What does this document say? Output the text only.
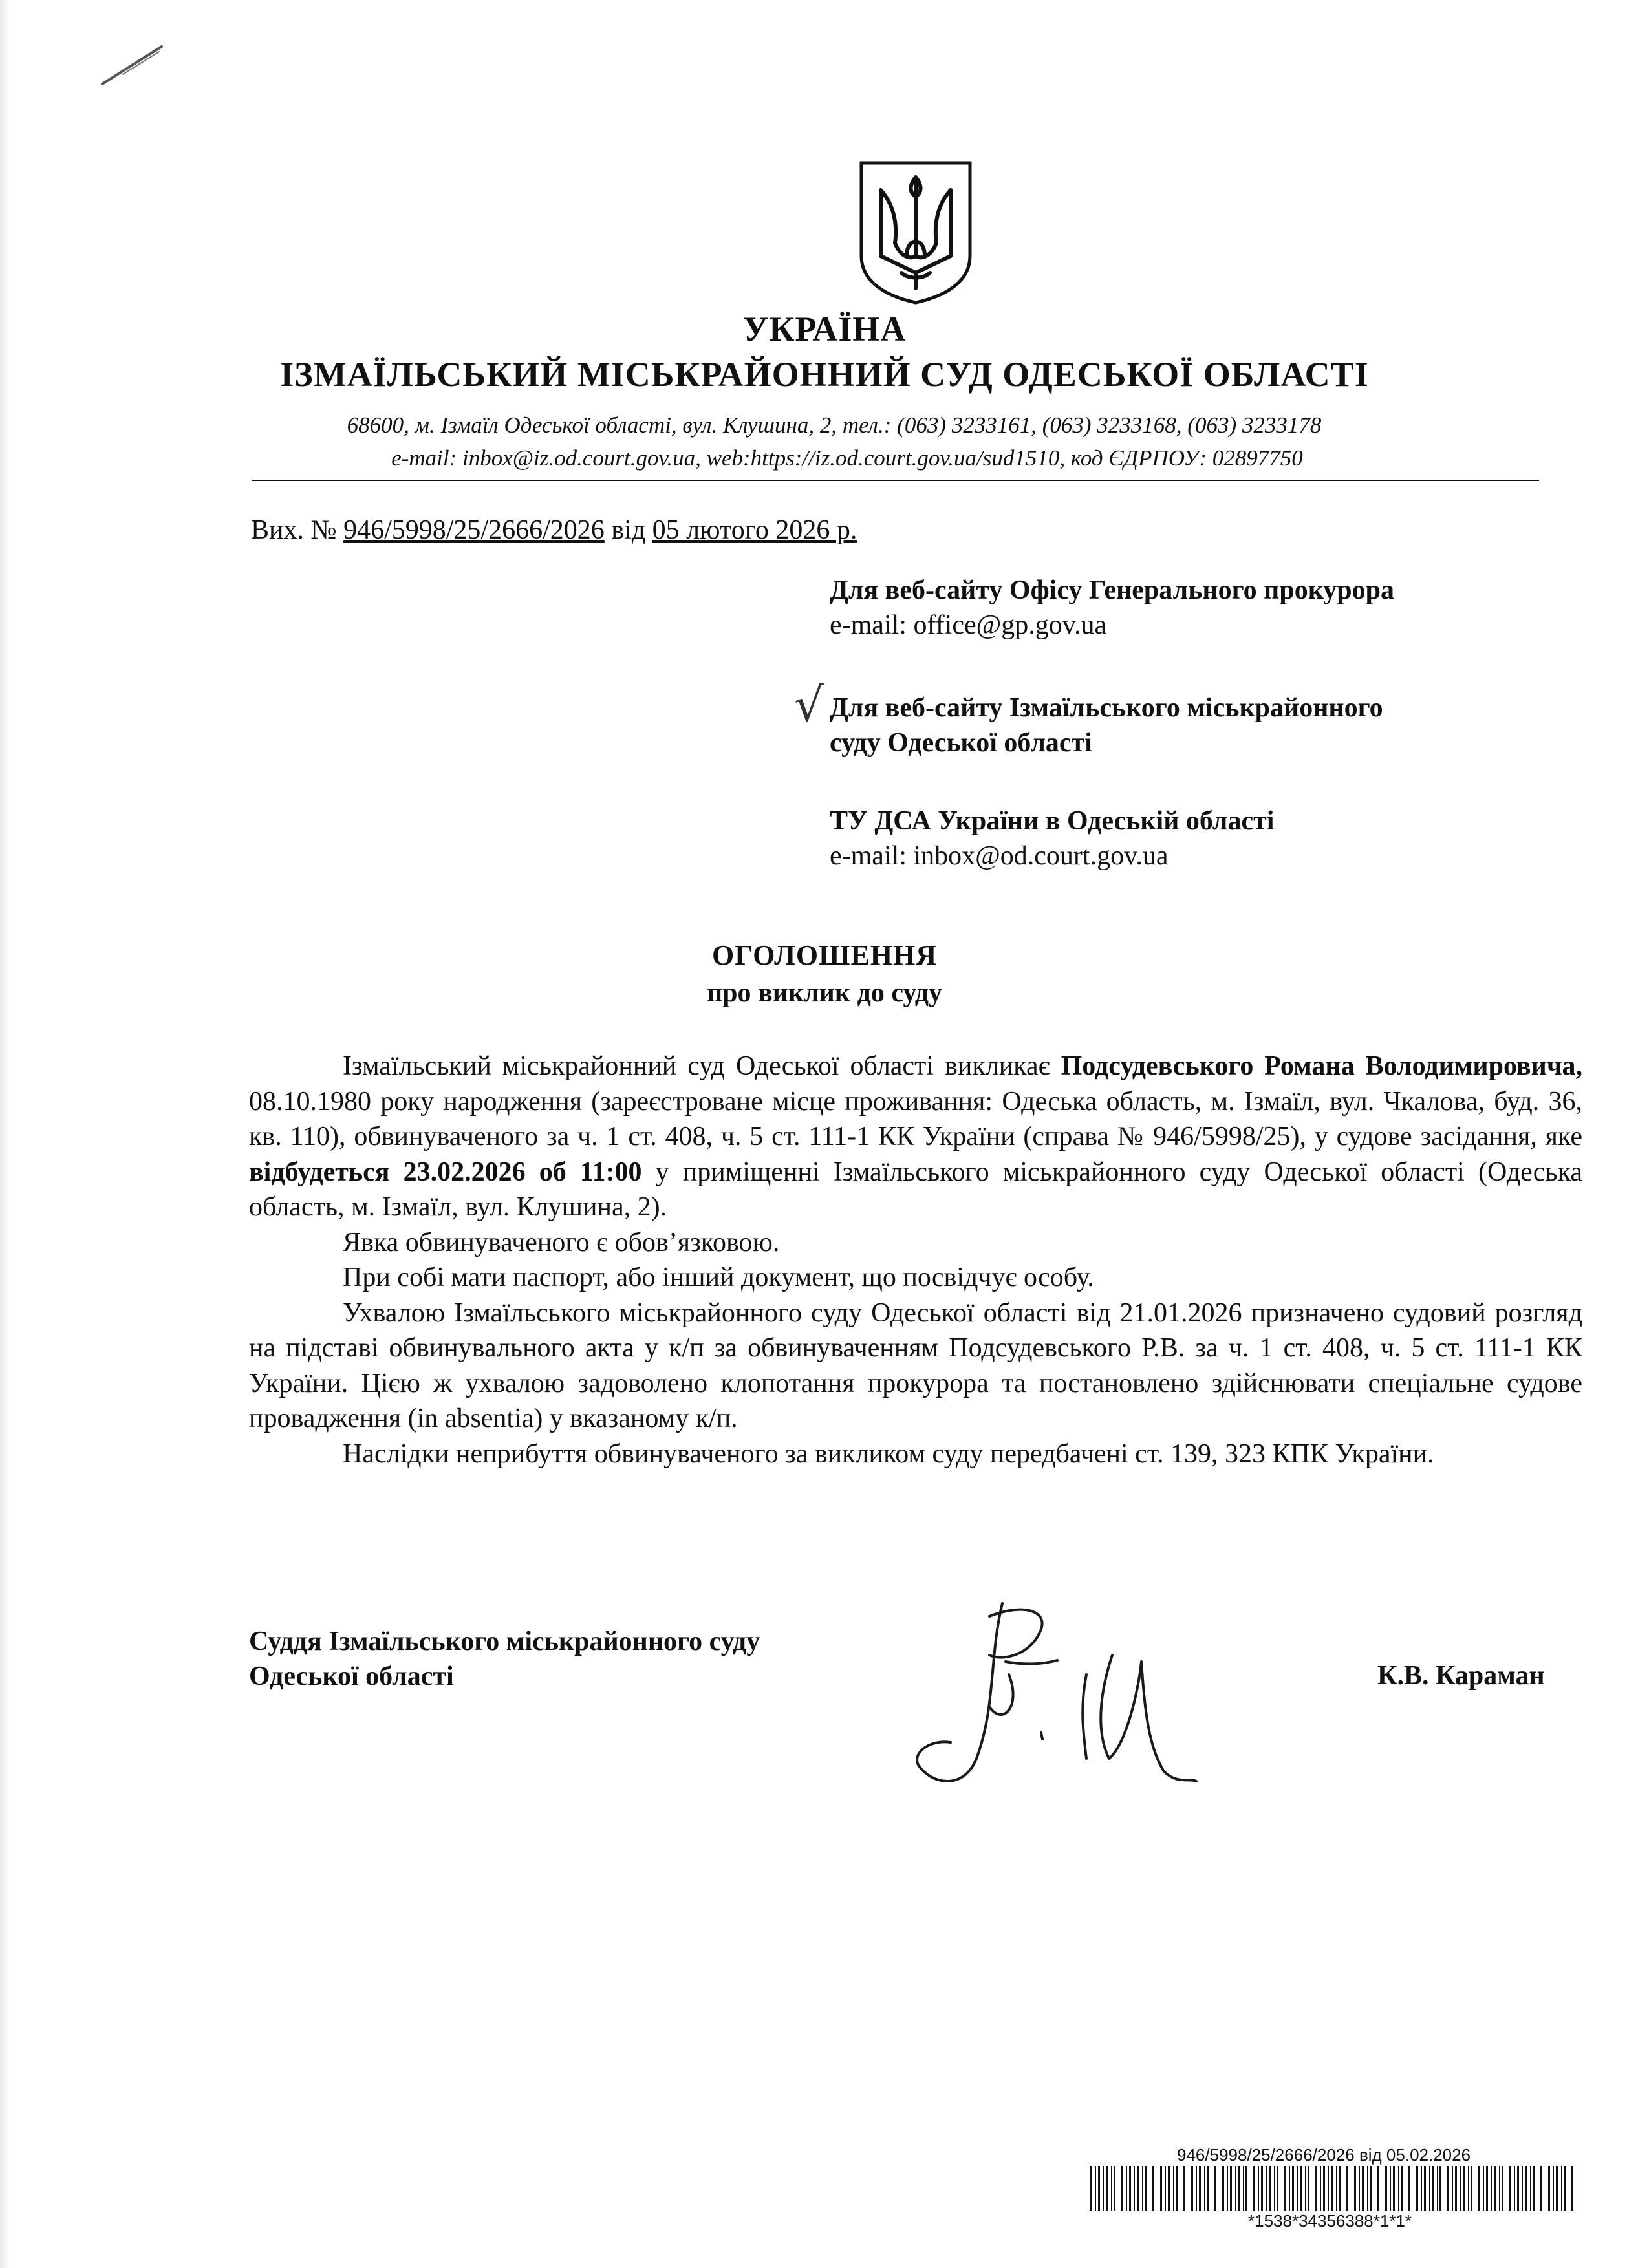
УКРАЇНА
ІЗМАЇЛЬСЬКИЙ МІСЬКРАЙОННИЙ СУД ОДЕСЬКОЇ ОБЛАСТІ
68600, м. Ізмаїл Одеської області, вул. Клушина, 2, тел.: (063) 3233161, (063) 3233168, (063) 3233178
e-mail: inbox@iz.od.court.gov.ua, web:https://iz.od.court.gov.ua/sud1510, код ЄДРПОУ: 02897750
Вих. № 946/5998/25/2666/2026 від 05 лютого 2026 р.
Для веб-сайту Офісу Генерального прокурора
e-mail: office@gp.gov.ua
√ Для веб-сайту Ізмаїльського міськрайонного
суду Одеської області
ТУ ДСА України в Одеській області
e-mail: inbox@od.court.gov.ua
ОГОЛОШЕННЯ
про виклик до суду

Ізмаїльський міськрайонний суд Одеської області викликає Подсудевського Романа Володимировича, 08.10.1980 року народження (зареєстроване місце проживання: Одеська область, м. Ізмаїл, вул. Чкалова, буд. 36, кв. 110), обвинуваченого за ч. 1 ст. 408, ч. 5 ст. 111-1 КК України (справа № 946/5998/25), у судове засідання, яке відбудеться 23.02.2026 об 11:00 у приміщенні Ізмаїльського міськрайонного суду Одеської області (Одеська область, м. Ізмаїл, вул. Клушина, 2).

Явка обвинуваченого є обов’язковою.

При собі мати паспорт, або інший документ, що посвідчує особу.

Ухвалою Ізмаїльського міськрайонного суду Одеської області від 21.01.2026 призначено судовий розгляд на підставі обвинувального акта у к/п за обвинуваченням Подсудевського Р.В. за ч. 1 ст. 408, ч. 5 ст. 111-1 КК України. Цією ж ухвалою задоволено клопотання прокурора та постановлено здійснювати спеціальне судове провадження (in absentia) у вказаному к/п.

Наслідки неприбуття обвинуваченого за викликом суду передбачені ст. 139, 323 КПК України.

Суддя Ізмаїльського міськрайонного суду
Одеської області	К.В. Караман
946/5998/25/2666/2026 від 05.02.2026
*1538*34356388*1*1*
